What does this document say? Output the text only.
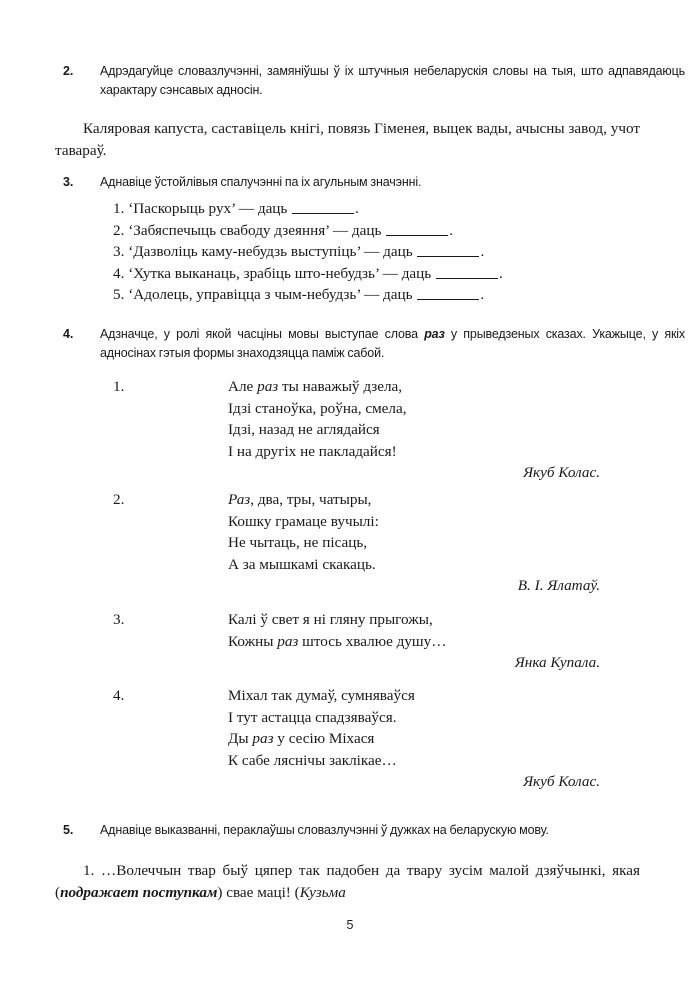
2. Адрэдагуйце словазлучэнні, замяніўшы ў іх штучныя небеларускія словы на тыя, што адпавядаюць характару сэнсавых адносін.

Каляровая капуста, саставіцель кнігі, повязь Гіменея, выцек вады, ачысны завод, учот тавараў.

3. Аднавіце ўстойлівыя спалучэнні па іх агульным значэнні.

1. ‘Паскорыць рух’ — даць	.
2. ‘Забяспечыць свабоду дзеяння’ — даць	.
3. ‘Дазволіць каму-небудзь выступіць’ — даць	.
4. ‘Хутка выканаць, зрабіць што-небудзь’ — даць	.
5. ‘Адолець, управіцца з чым-небудзь’ — даць	.
4. Адзначце, у ролі якой часціны мовы выступае слова раз у прыведзеных сказах. Укажыце, у якіх адносінах гэтыя формы знаходзяцца паміж сабой.

1.	Але раз ты наважыў дзела,
Ідзі станоўка, роўна, смела,
Ідзі, назад не аглядайся
І на другіх не пакладайся!
Якуб Колас.
2.	Раз, два, тры, чатыры,
Кошку грамаце вучылі:
Не чытаць, не пісаць,
А за мышкамі скакаць.
В. І. Ялатаў.
3.	Калі ў свет я ні гляну прыгожы,
Кожны раз штось хвалюе душу…
Янка Купала.
4.	Міхал так думаў, сумняваўся
І тут астацца спадзяваўся.
Ды раз у сесію Міхася
К сабе ляснічы заклікае…
Якуб Колас.
5. Аднавіце выказванні, пераклаўшы словазлучэнні ў дужках на беларускую мову.

1. …Волеччын твар быў цяпер так падобен да твару зусім малой дзяўчынкі, якая (подражает поступкам) свае маці! (Кузьма

5
